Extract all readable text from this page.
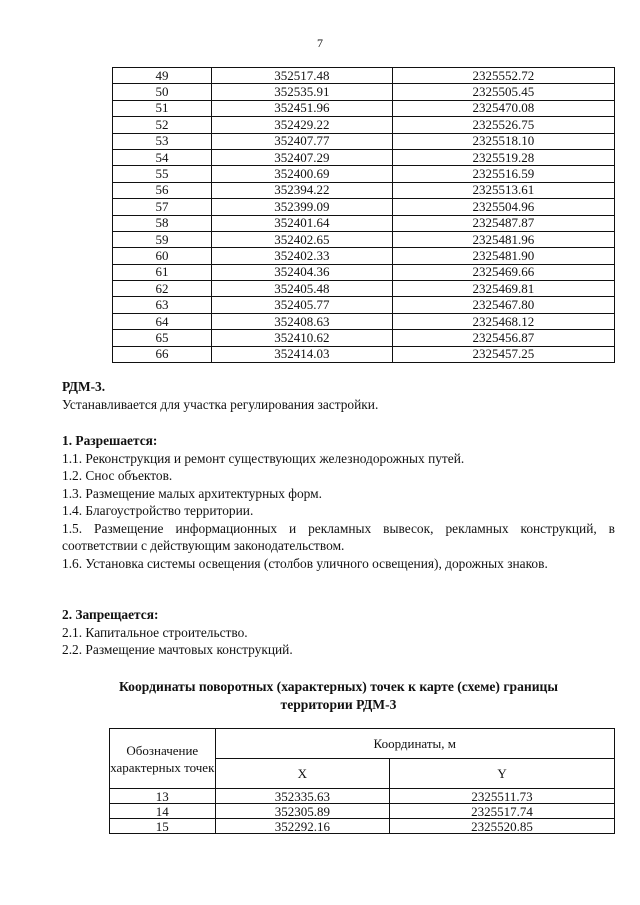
7
49	352517.48	2325552.72
50	352535.91	2325505.45
51	352451.96	2325470.08
52	352429.22	2325526.75
53	352407.77	2325518.10
54	352407.29	2325519.28
55	352400.69	2325516.59
56	352394.22	2325513.61
57	352399.09	2325504.96
58	352401.64	2325487.87
59	352402.65	2325481.96
60	352402.33	2325481.90
61	352404.36	2325469.66
62	352405.48	2325469.81
63	352405.77	2325467.80
64	352408.63	2325468.12
65	352410.62	2325456.87
66	352414.03	2325457.25

РДМ-3.

Устанавливается для участка регулирования застройки.

1. Разрешается:

1.1. Реконструкция и ремонт существующих железнодорожных путей.

1.2. Снос объектов.

1.3. Размещение малых архитектурных форм.

1.4. Благоустройство территории.

1.5. Размещение информационных и рекламных вывесок, рекламных конструкций, в соответствии с действующим законодательством.

1.6. Установка системы освещения (столбов уличного освещения), дорожных знаков.

2. Запрещается:

2.1. Капитальное строительство.

2.2. Размещение мачтовых конструкций.

Координаты поворотных (характерных) точек к карте (схеме) границы
территории РДМ-3
Обозначение характерных точек	Координаты, м	
	X	Y
13	352335.63	2325511.73
14	352305.89	2325517.74
15	352292.16	2325520.85
